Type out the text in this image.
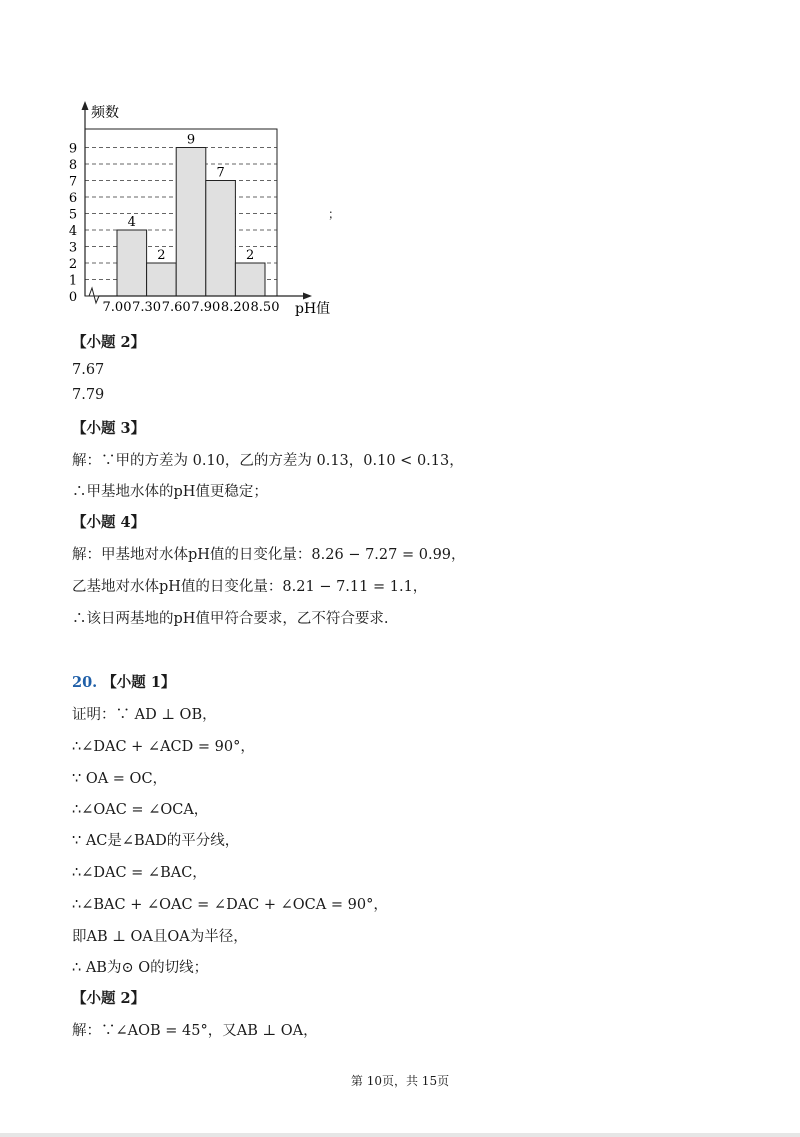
4
2
9
7
2
0
1
2
3
4
5
6
7
8
9
7.00 7.30 7.60 7.90 8.20 8.50
频数
pH值
；
【小题 2】
7.67
7.79
【小题 3】
解：∵甲的方差为 0.10，乙的方差为 0.13，0.10 < 0.13，
∴甲基地水体的pH值更稳定；
【小题 4】
解：甲基地对水体pH值的日变化量：8.26 − 7.27 = 0.99，
乙基地对水体pH值的日变化量：8.21 − 7.11 = 1.1，
∴该日两基地的pH值甲符合要求，乙不符合要求.
20. 【小题 1】
证明：∵ AD ⊥ OB，
∴∠DAC + ∠ACD = 90°，
∵ OA = OC，
∴∠OAC = ∠OCA，
∵ AC是∠BAD的平分线，
∴∠DAC = ∠BAC，
∴∠BAC + ∠OAC = ∠DAC + ∠OCA = 90°，
即AB ⊥ OA且OA为半径，
∴ AB为⊙ O的切线；
【小题 2】
解：∵∠AOB = 45°，又AB ⊥ OA，
第 10页，共 15页
